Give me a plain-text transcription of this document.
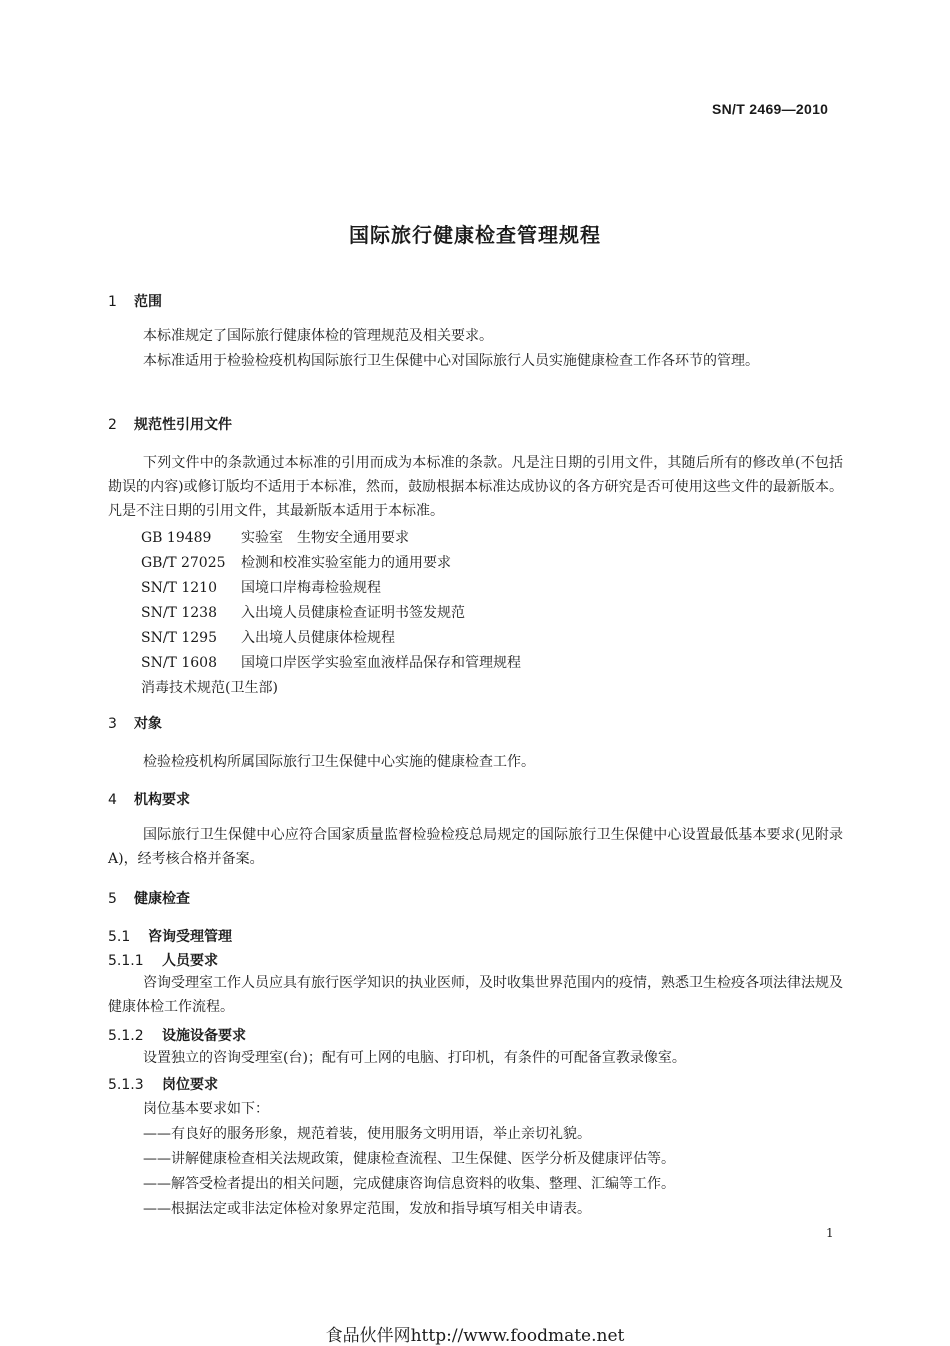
SN/T 2469—2010
国际旅行健康检查管理规程
1 范围
本标准规定了国际旅行健康体检的管理规范及相关要求。
本标准适用于检验检疫机构国际旅行卫生保健中心对国际旅行人员实施健康检查工作各环节的管理。
2 规范性引用文件
下列文件中的条款通过本标准的引用而成为本标准的条款。凡是注日期的引用文件，其随后所有的修改单(不包括勘误的内容)或修订版均不适用于本标准，然而，鼓励根据本标准达成协议的各方研究是否可使用这些文件的最新版本。凡是不注日期的引用文件，其最新版本适用于本标准。
GB 19489 实验室　生物安全通用要求
GB/T 27025 检测和校准实验室能力的通用要求
SN/T 1210 国境口岸梅毒检验规程
SN/T 1238 入出境人员健康检查证明书签发规范
SN/T 1295 入出境人员健康体检规程
SN/T 1608 国境口岸医学实验室血液样品保存和管理规程
消毒技术规范(卫生部)
3 对象
检验检疫机构所属国际旅行卫生保健中心实施的健康检查工作。
4 机构要求
国际旅行卫生保健中心应符合国家质量监督检验检疫总局规定的国际旅行卫生保健中心设置最低基本要求(见附录 A)，经考核合格并备案。
5 健康检查
5.1 咨询受理管理
5.1.1 人员要求
咨询受理室工作人员应具有旅行医学知识的执业医师，及时收集世界范围内的疫情，熟悉卫生检疫各项法律法规及健康体检工作流程。
5.1.2 设施设备要求
设置独立的咨询受理室(台)；配有可上网的电脑、打印机，有条件的可配备宣教录像室。
5.1.3 岗位要求
岗位基本要求如下：
——有良好的服务形象，规范着装，使用服务文明用语，举止亲切礼貌。
——讲解健康检查相关法规政策，健康检查流程、卫生保健、医学分析及健康评估等。
——解答受检者提出的相关问题，完成健康咨询信息资料的收集、整理、汇编等工作。
——根据法定或非法定体检对象界定范围，发放和指导填写相关申请表。
1
食品伙伴网http://www.foodmate.net
